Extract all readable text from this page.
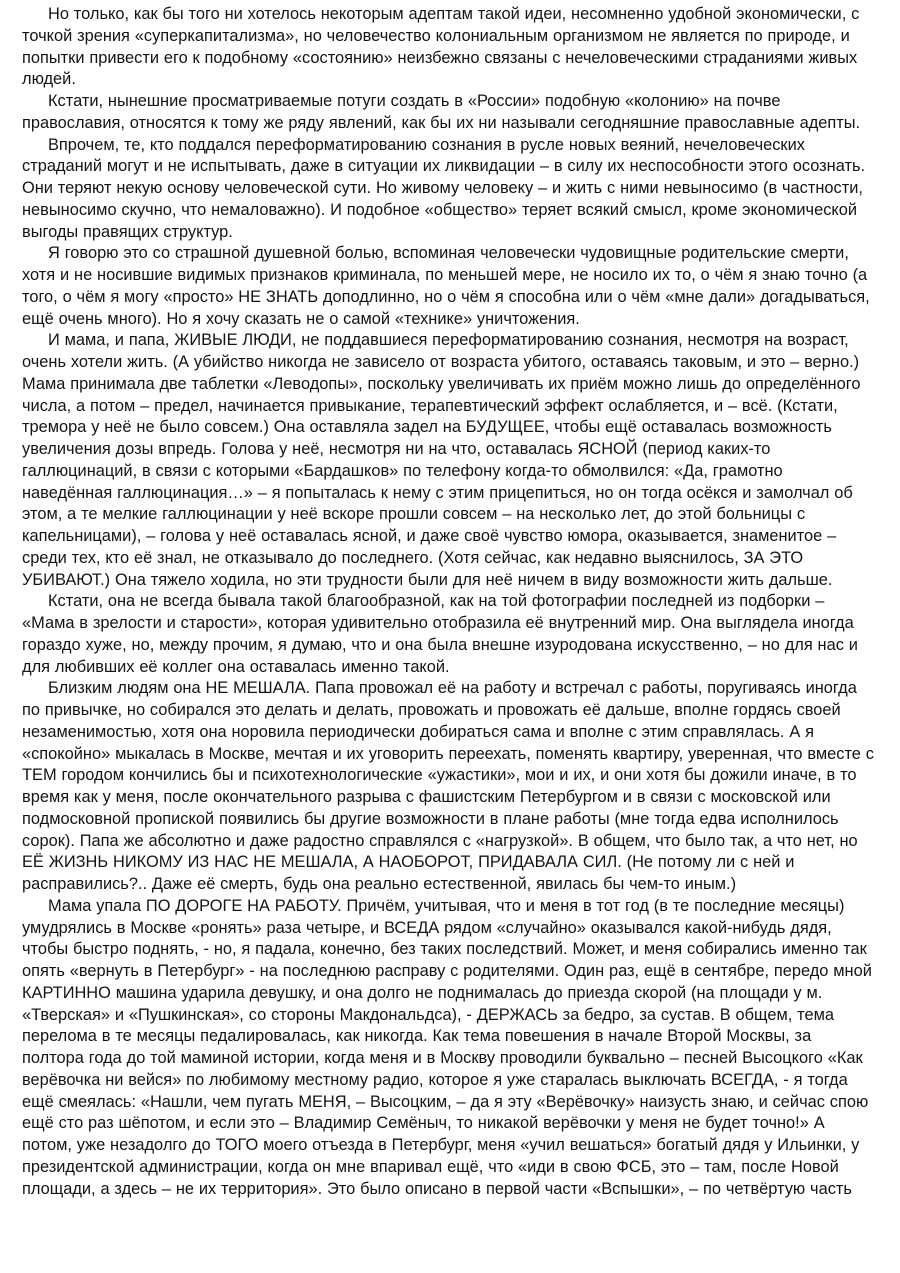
Но только, как бы того ни хотелось некоторым адептам такой идеи, несомненно удобной экономически, с точкой зрения «суперкапитализма», но человечество колониальным организмом не является по природе, и попытки привести его к подобному «состоянию» неизбежно связаны с нечеловеческими страданиями живых людей.

Кстати, нынешние просматриваемые потуги создать в «России» подобную «колонию» на почве православия, относятся к тому же ряду явлений, как бы их ни называли сегодняшние православные адепты.

Впрочем, те, кто поддался переформатированию сознания в русле новых веяний, нечеловеческих страданий могут и не испытывать, даже в ситуации их ликвидации – в силу их неспособности этого осознать. Они теряют некую основу человеческой сути. Но живому человеку – и жить с ними невыносимо (в частности, невыносимо скучно, что немаловажно). И подобное «общество» теряет всякий смысл, кроме экономической выгоды правящих структур.

Я говорю это со страшной душевной болью, вспоминая человечески чудовищные родительские смерти, хотя и не носившие видимых признаков криминала, по меньшей мере, не носило их то, о чём я знаю точно (а того, о чём я могу «просто» НЕ ЗНАТЬ доподлинно, но о чём я способна или о чём «мне дали» догадываться, ещё очень много). Но я хочу сказать не о самой «технике» уничтожения.

И мама, и папа, ЖИВЫЕ ЛЮДИ, не поддавшиеся переформатированию сознания, несмотря на возраст, очень хотели жить. (А убийство никогда не зависело от возраста убитого, оставаясь таковым, и это – верно.) Мама принимала две таблетки «Леводопы», поскольку увеличивать их приём можно лишь до определённого числа, а потом – предел, начинается привыкание, терапевтический эффект ослабляется, и – всё. (Кстати, тремора у неё не было совсем.) Она оставляла задел на БУДУЩЕЕ, чтобы ещё оставалась возможность увеличения дозы впредь. Голова у неё, несмотря ни на что, оставалась ЯСНОЙ (период каких-то галлюцинаций, в связи с которыми «Бардашков» по телефону когда-то обмолвился: «Да, грамотно наведённая галлюцинация…» – я попыталась к нему с этим прицепиться, но он тогда осёкся и замолчал об этом, а те мелкие галлюцинации у неё вскоре прошли совсем – на несколько лет, до этой больницы с капельницами), – голова у неё оставалась ясной, и даже своё чувство юмора, оказывается, знаменитое – среди тех, кто её знал, не отказывало до последнего. (Хотя сейчас, как недавно выяснилось, ЗА ЭТО УБИВАЮТ.) Она тяжело ходила, но эти трудности были для неё ничем в виду возможности жить дальше.

Кстати, она не всегда бывала такой благообразной, как на той фотографии последней из подборки – «Мама в зрелости и старости», которая удивительно отобразила её внутренний мир. Она выглядела иногда гораздо хуже, но, между прочим, я думаю, что и она была внешне изуродована искусственно, – но для нас и для любивших её коллег она оставалась именно такой.

Близким людям она НЕ МЕШАЛА. Папа провожал её на работу и встречал с работы, поругиваясь иногда по привычке, но собирался это делать и делать, провожать и провожать её дальше, вполне гордясь своей незаменимостью, хотя она норовила периодически добираться сама и вполне с этим справлялась. А я «спокойно» мыкалась в Москве, мечтая и их уговорить переехать, поменять квартиру, уверенная, что вместе с ТЕМ городом кончились бы и психотехнологические «ужастики», мои и их, и они хотя бы дожили иначе, в то время как у меня, после окончательного разрыва с фашистским Петербургом и в связи с московской или подмосковной пропиской появились бы другие возможности в плане работы (мне тогда едва исполнилось сорок). Папа же абсолютно и даже радостно справлялся с «нагрузкой». В общем, что было так, а что нет, но ЕЁ ЖИЗНЬ НИКОМУ ИЗ НАС НЕ МЕШАЛА, А НАОБОРОТ, ПРИДАВАЛА СИЛ. (Не потому ли с ней и расправились?.. Даже её смерть, будь она реально естественной, явилась бы чем-то иным.)

Мама упала ПО ДОРОГЕ НА РАБОТУ. Причём, учитывая, что и меня в тот год (в те последние месяцы) умудрялись в Москве «ронять» раза четыре, и ВСЕДА рядом «случайно» оказывался какой-нибудь дядя, чтобы быстро поднять, - но, я падала, конечно, без таких последствий. Может, и меня собирались именно так опять «вернуть в Петербург» - на последнюю расправу с родителями. Один раз, ещё в сентябре, передо мной КАРТИННО машина ударила девушку, и она долго не поднималась до приезда скорой (на площади у м. «Тверская» и «Пушкинская», со стороны Макдональдса), - ДЕРЖАСЬ за бедро, за сустав. В общем, тема перелома в те месяцы педалировалась, как никогда. Как тема повешения в начале Второй Москвы, за полтора года до той маминой истории, когда меня и в Москву проводили буквально – песней Высоцкого «Как верёвочка ни вейся» по любимому местному радио, которое я уже старалась выключать ВСЕГДА, - я тогда ещё смеялась: «Нашли, чем пугать МЕНЯ, – Высоцким, – да я эту «Верёвочку» наизусть знаю, и сейчас спою ещё сто раз шёпотом, и если это – Владимир Семёныч, то никакой верёвочки у меня не будет точно!» А потом, уже незадолго до ТОГО моего отъезда в Петербург, меня «учил вешаться» богатый дядя у Ильинки, у президентской администрации, когда он мне впаривал ещё, что «иди в свою ФСБ, это – там, после Новой площади, а здесь – не их территория». Это было описано в первой части «Вспышки», – по четвёртую часть
